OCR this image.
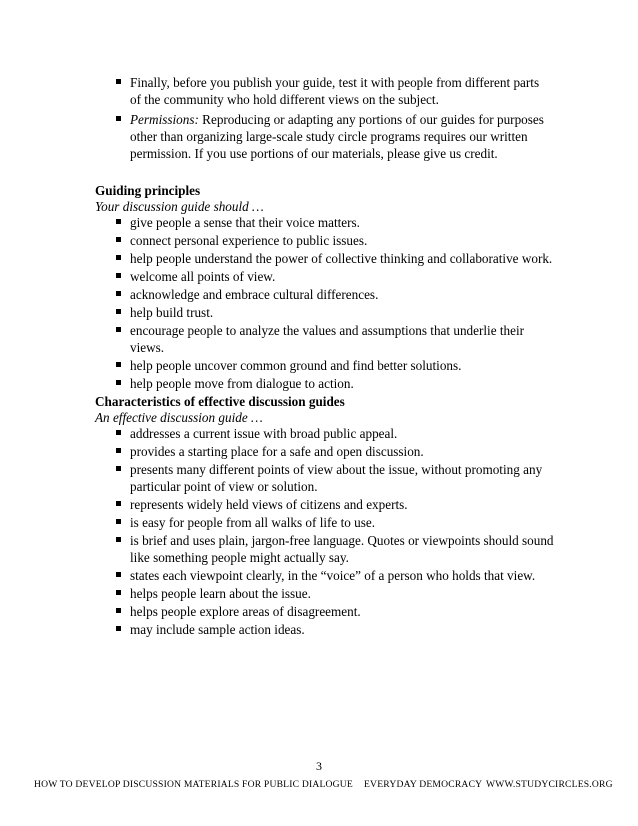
Finally, before you publish your guide, test it with people from different parts of the community who hold different views on the subject.
Permissions: Reproducing or adapting any portions of our guides for purposes other than organizing large-scale study circle programs requires our written permission. If you use portions of our materials, please give us credit.
Guiding principles

Your discussion guide should …

give people a sense that their voice matters.
connect personal experience to public issues.
help people understand the power of collective thinking and collaborative work.
welcome all points of view.
acknowledge and embrace cultural differences.
help build trust.
encourage people to analyze the values and assumptions that underlie their views.
help people uncover common ground and find better solutions.
help people move from dialogue to action.
Characteristics of effective discussion guides

An effective discussion guide …

addresses a current issue with broad public appeal.
provides a starting place for a safe and open discussion.
presents many different points of view about the issue, without promoting any particular point of view or solution.
represents widely held views of citizens and experts.
is easy for people from all walks of life to use.
is brief and uses plain, jargon-free language. Quotes or viewpoints should sound like something people might actually say.
states each viewpoint clearly, in the “voice” of a person who holds that view.
helps people learn about the issue.
helps people explore areas of disagreement.
may include sample action ideas.
3
HOW TO DEVELOP DISCUSSION MATERIALS FOR PUBLIC DIALOGUE EVERYDAY DEMOCRACY WWW.STUDYCIRCLES.ORG
